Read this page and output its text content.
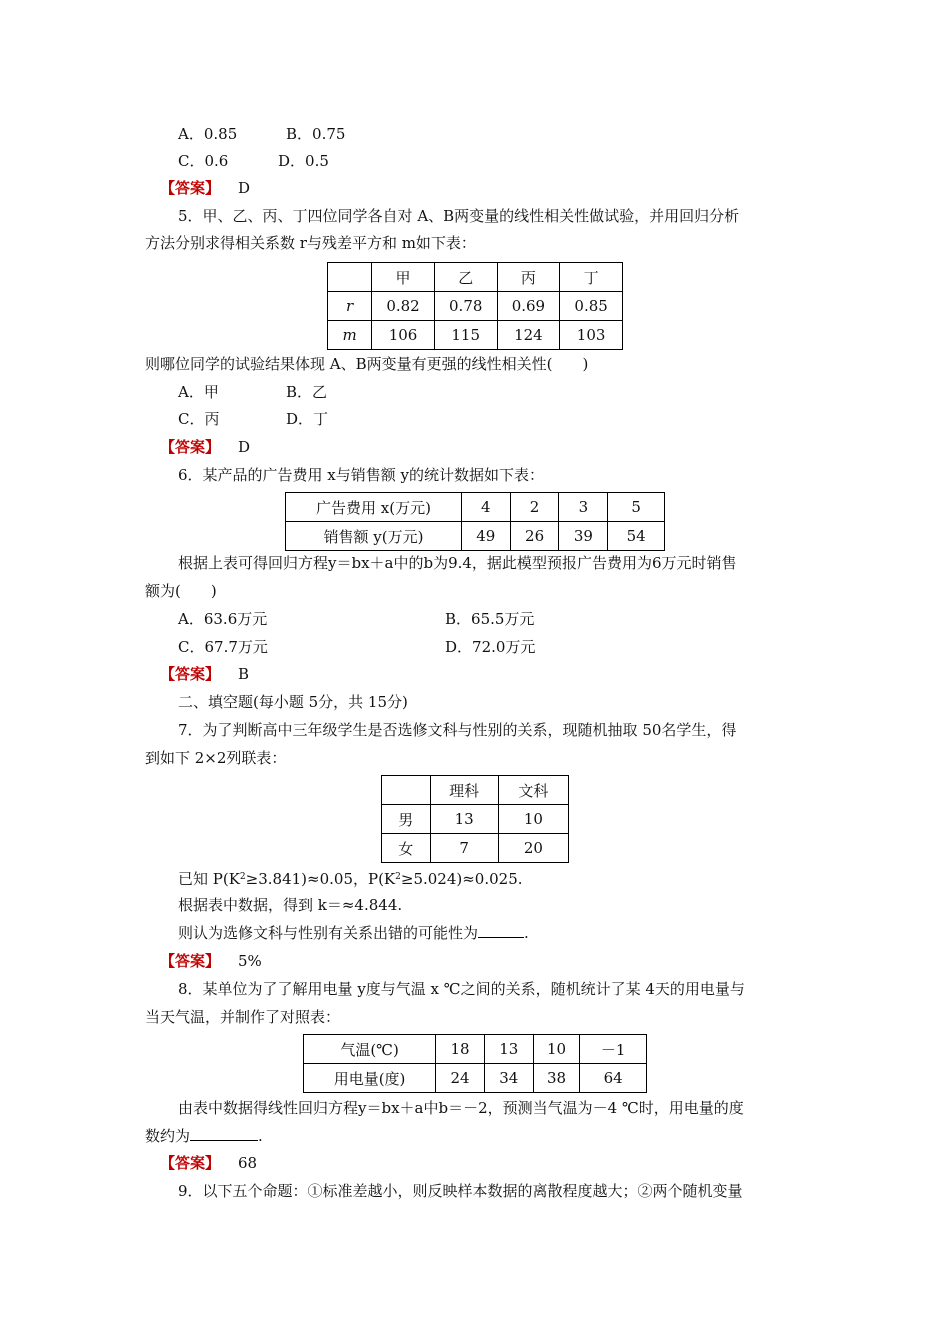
A．0.85	B．0.75
C．0.6	D．0.5
【答案】 D
5．甲、乙、丙、丁四位同学各自对 A、B两变量的线性相关性做试验，并用回归分析
方法分别求得相关系数 r与残差平方和 m如下表：
	甲	乙	丙	丁
r	0.82	0.78	0.69	0.85
m	106	115	124	103
则哪位同学的试验结果体现 A、B两变量有更强的线性相关性(　　)
A．甲	B．乙
C．丙	D．丁
【答案】 D
6．某产品的广告费用 x与销售额 y的统计数据如下表：
广告费用 x(万元)	4	2	3	5
销售额 y(万元)	49	26	39	54
根据上表可得回归方程y＝bx＋a中的b为9.4，据此模型预报广告费用为6万元时销售
额为(　　)
A．63.6万元	B．65.5万元
C．67.7万元	D．72.0万元
【答案】 B
二、填空题(每小题 5分，共 15分)
7．为了判断高中三年级学生是否选修文科与性别的关系，现随机抽取 50名学生，得
到如下 2×2列联表：
	理科	文科
男	13	10
女	7	20
已知 $P(K^2\ge 3.841)\approx 0.05$，$P(K^2\ge 5.024)\approx 0.025$.
根据表中数据，得到 k＝≈4.844.
则认为选修文科与性别有关系出错的可能性为	.
【答案】 5%
8．某单位为了了解用电量 y度与气温 x ℃之间的关系，随机统计了某 4天的用电量与
当天气温，并制作了对照表：
气温(℃)	18	13	10	－1
用电量(度)	24	34	38	64
由表中数据得线性回归方程y＝bx＋a中b＝－2，预测当气温为－4 ℃时，用电量的度
数约为	.
【答案】 68
9．以下五个命题：①标准差越小，则反映样本数据的离散程度越大；②两个随机变量
